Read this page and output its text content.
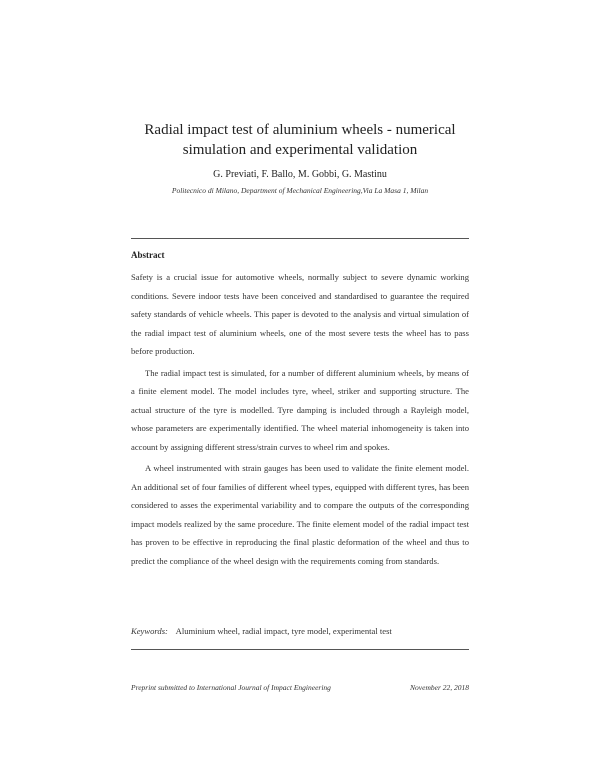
Radial impact test of aluminium wheels - numerical
simulation and experimental validation
G. Previati, F. Ballo, M. Gobbi, G. Mastinu
Politecnico di Milano, Department of Mechanical Engineering,Via La Masa 1, Milan
Abstract

Safety is a crucial issue for automotive wheels, normally subject to severe dynamic working conditions. Severe indoor tests have been conceived and standardised to guarantee the required safety standards of vehicle wheels. This paper is devoted to the analysis and virtual simulation of the radial impact test of aluminium wheels, one of the most severe tests the wheel has to pass before production.

The radial impact test is simulated, for a number of different aluminium wheels, by means of a finite element model. The model includes tyre, wheel, striker and supporting structure. The actual structure of the tyre is modelled. Tyre damping is included through a Rayleigh model, whose parameters are experimentally identified. The wheel material inhomogeneity is taken into account by assigning different stress/strain curves to wheel rim and spokes.

A wheel instrumented with strain gauges has been used to validate the finite element model. An additional set of four families of different wheel types, equipped with different tyres, has been considered to asses the experimental variability and to compare the outputs of the corresponding impact models realized by the same procedure. The finite element model of the radial impact test has proven to be effective in reproducing the final plastic deformation of the wheel and thus to predict the compliance of the wheel design with the requirements coming from standards.

Keywords: Aluminium wheel, radial impact, tyre model, experimental test
Preprint submitted to International Journal of Impact Engineering	November 22, 2018
